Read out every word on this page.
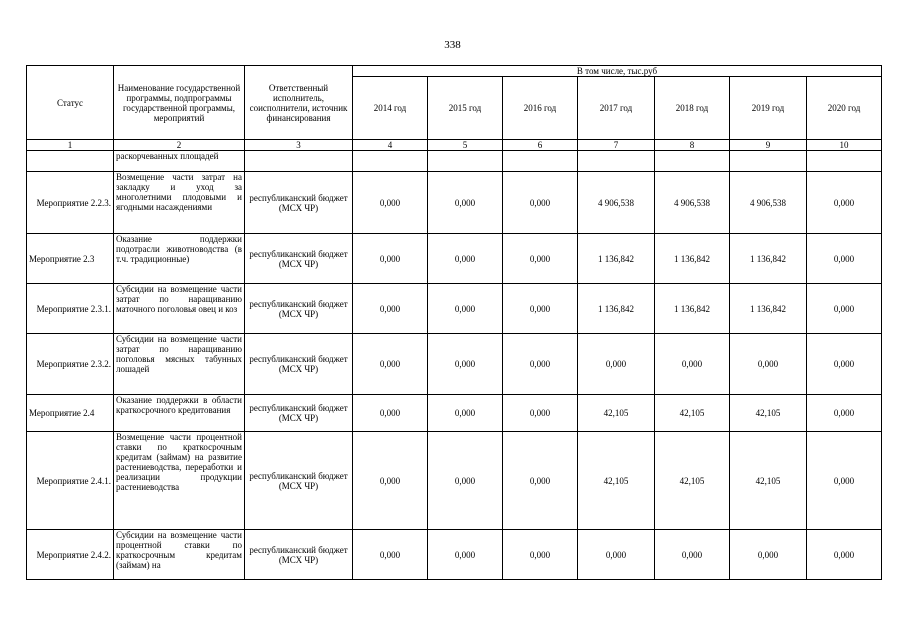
338
Статус	Наименование государственной программы, подпрограммы государственной программы, мероприятий	Ответственный исполнитель, соисполнители, источник финансирования	В том числе, тыс.руб						
			2014 год	2015 год	2016 год	2017 год	2018 год	2019 год	2020 год
1	2	3	4	5	6	7	8	9	10
	раскорчеванных площадей								
Мероприятие 2.2.3.	Возмещение части затрат на закладку и уход за многолетними плодовыми и ягодными насаждениями	республиканский бюджет (МСХ ЧР)	0,000	0,000	0,000	4 906,538	4 906,538	4 906,538	0,000
Мероприятие 2.3	Оказание поддержки подотрасли животноводства (в т.ч. традиционные)	республиканский бюджет (МСХ ЧР)	0,000	0,000	0,000	1 136,842	1 136,842	1 136,842	0,000
Мероприятие 2.3.1.	Субсидии на возмещение части затрат по наращиванию маточного поголовья овец и коз	республиканский бюджет (МСХ ЧР)	0,000	0,000	0,000	1 136,842	1 136,842	1 136,842	0,000
Мероприятие 2.3.2.	Субсидии на возмещение части затрат по наращиванию поголовья мясных табунных лошадей	республиканский бюджет (МСХ ЧР)	0,000	0,000	0,000	0,000	0,000	0,000	0,000
Мероприятие 2.4	Оказание поддержки в области краткосрочного кредитования	республиканский бюджет (МСХ ЧР)	0,000	0,000	0,000	42,105	42,105	42,105	0,000
Мероприятие 2.4.1.	Возмещение части процентной ставки по краткосрочным кредитам (займам) на развитие растениеводства, переработки и реализации продукции растениеводства	республиканский бюджет (МСХ ЧР)	0,000	0,000	0,000	42,105	42,105	42,105	0,000
Мероприятие 2.4.2.	Субсидии на возмещение части процентной ставки по краткосрочным кредитам (займам) на	республиканский бюджет (МСХ ЧР)	0,000	0,000	0,000	0,000	0,000	0,000	0,000
